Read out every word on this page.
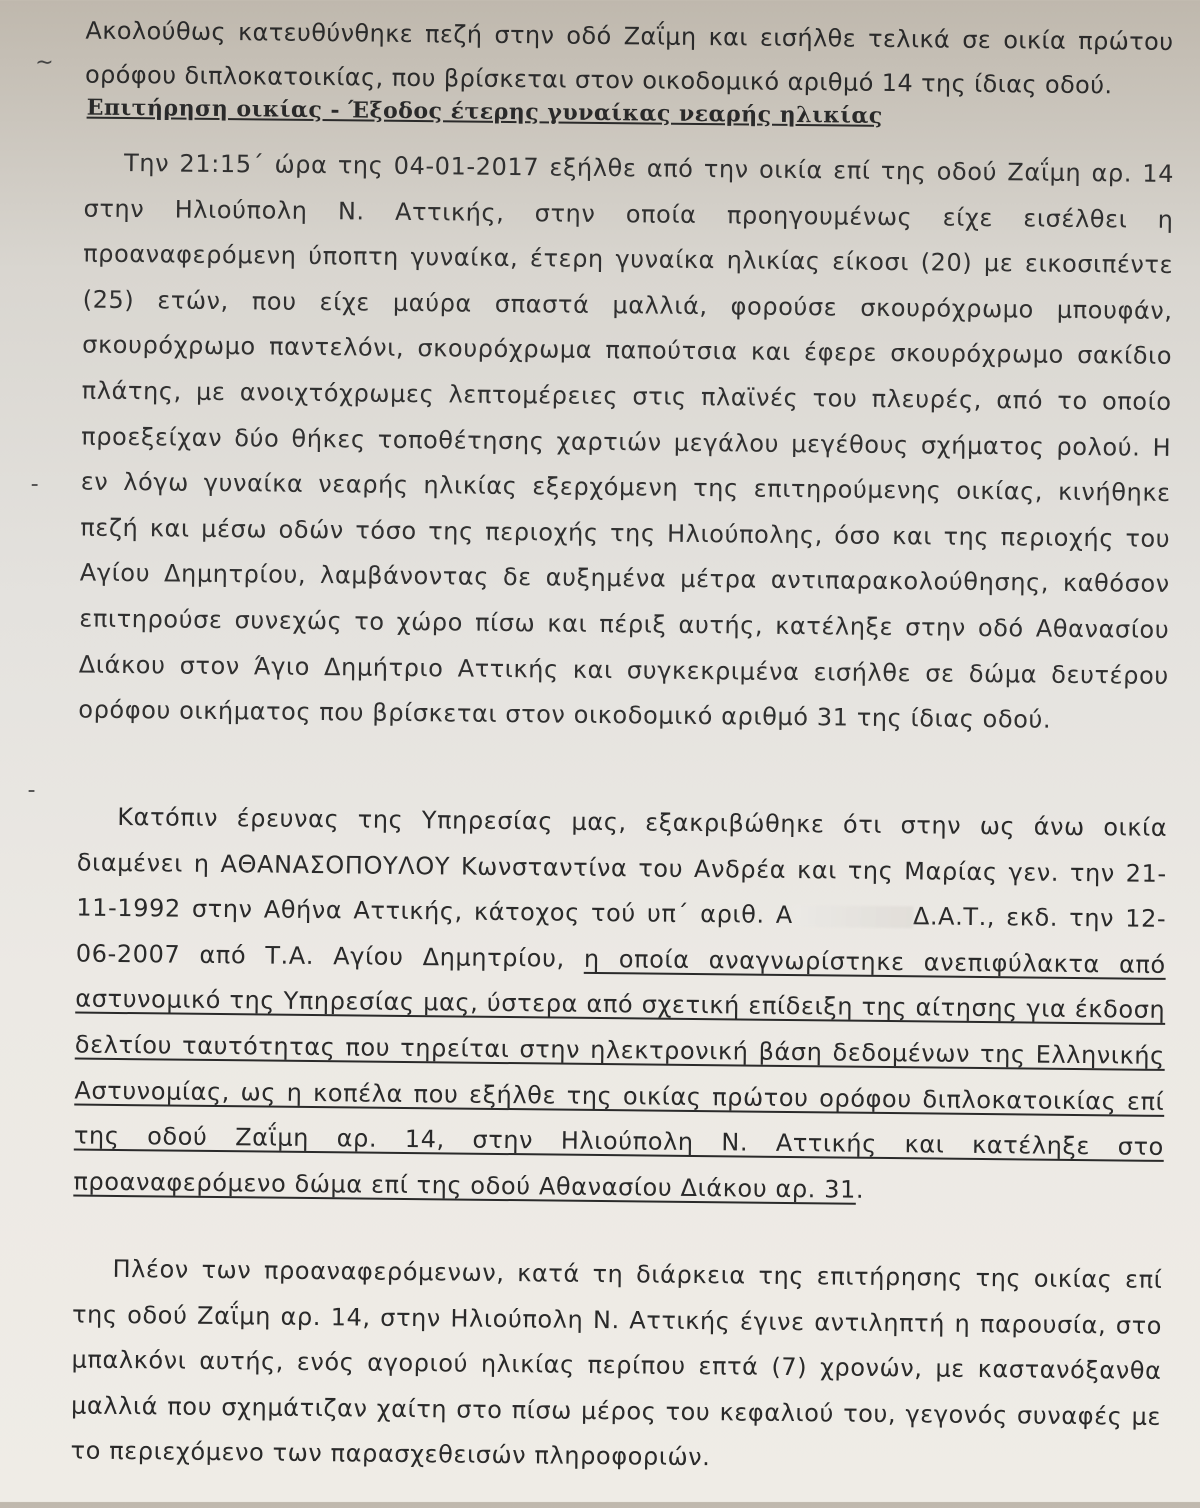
~
-
-
Ακολούθως κατευθύνθηκε πεζή στην οδό Ζαΐμη και εισήλθε τελικά σε οικία πρώτου
ορόφου διπλοκατοικίας, που βρίσκεται στον οικοδομικό αριθμό 14 της ίδιας οδού.
Επιτήρηση οικίας - Έξοδος έτερης γυναίκας νεαρής ηλικίας

Την 21:15΄ ώρα της 04-01-2017 εξήλθε από την οικία επί της οδού Ζαΐμη αρ. 14 στην Ηλιούπολη Ν. Αττικής, στην οποία προηγουμένως είχε εισέλθει η προαναφερόμενη ύποπτη γυναίκα, έτερη γυναίκα ηλικίας είκοσι (20) με εικοσιπέντε (25) ετών, που είχε μαύρα σπαστά μαλλιά, φορούσε σκουρόχρωμο μπουφάν, σκουρόχρωμο παντελόνι, σκουρόχρωμα παπούτσια και έφερε σκουρόχρωμο σακίδιο πλάτης, με ανοιχτόχρωμες λεπτομέρειες στις πλαϊνές του πλευρές, από το οποίο προεξείχαν δύο θήκες τοποθέτησης χαρτιών μεγάλου μεγέθους σχήματος ρολού. Η εν λόγω γυναίκα νεαρής ηλικίας εξερχόμενη της επιτηρούμενης οικίας, κινήθηκε πεζή και μέσω οδών τόσο της περιοχής της Ηλιούπολης, όσο και της περιοχής του Αγίου Δημητρίου, λαμβάνοντας δε αυξημένα μέτρα αντιπαρακολούθησης, καθόσον επιτηρούσε συνεχώς το χώρο πίσω και πέριξ αυτής, κατέληξε στην οδό Αθανασίου Διάκου στον Άγιο Δημήτριο Αττικής και συγκεκριμένα εισήλθε σε δώμα δευτέρου ορόφου οικήματος που βρίσκεται στον οικοδομικό αριθμό 31 της ίδιας οδού.

Κατόπιν έρευνας της Υπηρεσίας μας, εξακριβώθηκε ότι στην ως άνω οικία διαμένει η ΑΘΑΝΑΣΟΠΟΥΛΟΥ Κωνσταντίνα του Ανδρέα και της Μαρίας γεν. την 21-11-1992 στην Αθήνα Αττικής, κάτοχος τού υπ΄ αριθ. Α	Δ.Α.Τ., εκδ. την 12-06-2007 από Τ.Α. Αγίου Δημητρίου, η οποία αναγνωρίστηκε ανεπιφύλακτα από αστυνομικό της Υπηρεσίας μας, ύστερα από σχετική επίδειξη της αίτησης για έκδοση δελτίου ταυτότητας που τηρείται στην ηλεκτρονική βάση δεδομένων της Ελληνικής Αστυνομίας, ως η κοπέλα που εξήλθε της οικίας πρώτου ορόφου διπλοκατοικίας επί της οδού Ζαΐμη αρ. 14, στην Ηλιούπολη Ν. Αττικής και κατέληξε στο προαναφερόμενο δώμα επί της οδού Αθανασίου Διάκου αρ. 31.

Πλέον των προαναφερόμενων, κατά τη διάρκεια της επιτήρησης της οικίας επί της οδού Ζαΐμη αρ. 14, στην Ηλιούπολη Ν. Αττικής έγινε αντιληπτή η παρουσία, στο μπαλκόνι αυτής, ενός αγοριού ηλικίας περίπου επτά (7) χρονών, με καστανόξανθα μαλλιά που σχημάτιζαν χαίτη στο πίσω μέρος του κεφαλιού του, γεγονός συναφές με το περιεχόμενο των παρασχεθεισών πληροφοριών.
